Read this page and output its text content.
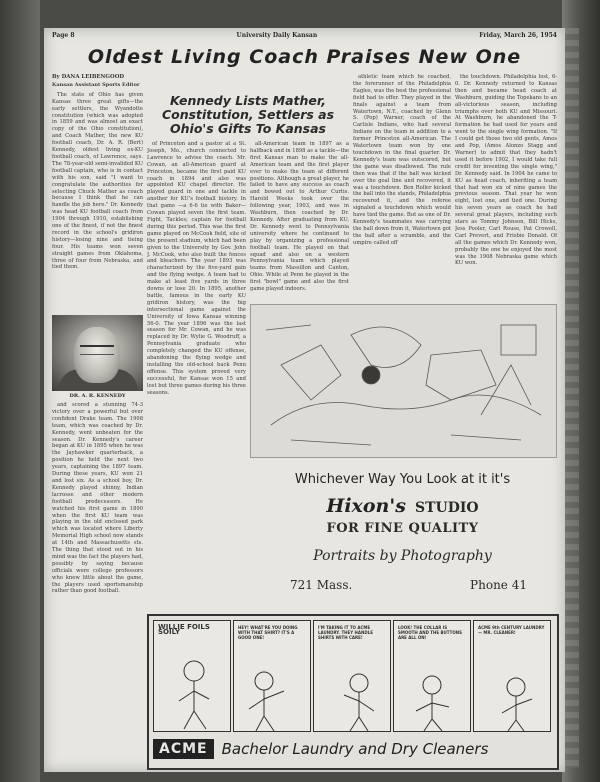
Page 8	University Daily Kansan	Friday, March 26, 1954
Oldest Living Coach Praises New One
By DANA LEIBENGOOD
Kansan Assistant Sports Editor

The state of Ohio has given Kansas three great gifts—the early settlers, the Wyandotte constitution (which was adopted in 1859 and was almost an exact copy of the Ohio constitution), and Coach Mather, the new KU football coach, Dr. A. R. (Bert) Kennedy, oldest living ex-KU football coach, of Lawrence, says. The 78-year-old semi-invalided KU football captain, who is in contact with his son, said "I want to congratulate the authorities for selecting Chuck Mather as coach because I think that he can handle the job here." Dr. Kennedy was head KU football coach from 1904 through 1910, establishing one of the finest, if not the finest record in the school's gridiron history—losing nine and tieing four. His teams won seven straight games from Oklahoma, three of four from Nebraska, and tied them.

DR. A. R. KENNEDY

and scored a stunning 74-3 victory over a powerful but over confident Drake team. The 1908 team, which was coached by Dr. Kennedy, went unbeaten for the season. Dr. Kennedy's career began at KU in 1895 when he was the Jayhawker quarterback, a position he held the next two years, captaining the 1897 team. During these years, KU won 21 and lost six. As a school boy, Dr. Kennedy played shinny, Indian lacrosse and other modern football predecessors. He watched his first game in 1890 when the first KU team was playing in the old enclosed park which was located where Liberty Memorial High school now stands at 14th and Massachusetts sts. The thing that stood out in his mind was the fact the players had, possibly by saying because officials were college professors who knew little about the game, the players used sportsmanship rather than good football.

Kennedy Lists Mather, Constitution, Settlers as Ohio's Gifts To Kansas

of Princeton and a pastor at a St. Joseph, Mo., church connected to Lawrence to advise the coach. Mr. Cowan, an all-American guard at Princeton, became the first paid KU coach in 1894 and also was appointed KU chapel director. He played guard in one and tackle in another for KU's football history. In that game —a 6-6 tie with Baker—Cowan played seven the first team. Fight, Tackles; captain for football during this period. This was the first game played on McCook field, site of the present stadium, which had been given to the University by Gov. John J. McCook, who also built the fences and bleachers. The year 1893 was characterized by the five-yard gain and the flying wedge. A team had to make at least five yards in three downs or lose 20. In 1895, another battle, famous in the early KU gridiron history, was the big intersectional game against the University of Iowa Kansas winning 56-0. The year 1896 was the last season for Mr. Cowan, and he was replaced by Dr. Wylie G. Woodruff, a Pennsylvania graduate who completely changed the KU offense, abandoning the flying wedge and installing the old-school back Penn offense. This system proved very successful, for Kansas won 15 and lost but three games during his three seasons.

all-American team in 1897 as a halfback and in 1898 as a tackle—the first Kansas man to make the all-American team and the first player ever to make the team at different positions. Although a great player, he failed to have any success as coach and bowed out to Arthur Curtis. Harold Weeks took over the following year, 1903, and was in Washburn, then coached by Dr. Kennedy. After graduating from KU, Dr. Kennedy went to Pennsylvania university where he continued to play by organizing a professional football team. He played on that squad and also on a western Pennsylvania team which played teams from Massillon and Canton, Ohio. While at Penn he played in the first "bowl" game and also the first game played indoors.

athletic team which he coached, the forerunner of the Philadelphia Eagles, was the best the professional field had to offer. They played in the finals against a team from Watertown, N.Y., coached by Glenn S. (Pop) Warner, coach of the Carlisle Indians, who had several Indians on the team in addition to a former Princeton all-American. The Watertown team won by one touchdown in the final quarter. Dr. Kennedy's team was outscored, but the game was disallowed. The rule then was that if the ball was kicked over the goal line and recovered, it was a touchdown. Ben Roller kicked the ball into the stands, Philadelphia recovered it, and the referee signaled a touchdown which would have tied the game. But as one of Dr. Kennedy's teammates was carrying the ball down from it, Watertown got the ball after a scramble, and the umpire called off

the touchdown. Philadelphia lost, 6-0. Dr. Kennedy returned to Kansas then and became head coach at Washburn, guiding the Topekans to an all-victorious season, including triumphs over both KU and Missouri. At Washburn, he abandoned the T-formation he had used for years and went to the single wing formation. "If I could get those two old gents, Amos and Pop, (Amos Alonzo Stagg and Warner) to admit that they hadn't used it before 1902, I would take full credit for inventing the single wing," Dr. Kennedy said. In 1904 he came to KU as head coach, inheriting a team that had won six of nine games the previous season. That year he won eight, lost one, and tied one. During his seven years as coach he had several great players, including such stars as Tommy Johnson, Bill Hicks, Jess Pooler, Carl Rouse, Pat Crowell, Carl Prevert, and Frisbie Donald. Of all the games which Dr. Kennedy won, probably the one he enjoyed the most was the 1908 Nebraska game which KU won.

Whichever Way You Look at it it's
Hixon's STUDIO
FOR FINE QUALITY
Portraits by Photography
721 Mass.	Phone 41
WILLIE FOILS SOILY
HEY! WHAT'RE YOU DOING WITH THAT SHIRT? IT'S A GOOD ONE!
I'M TAKING IT TO ACME LAUNDRY. THEY HANDLE SHIRTS WITH CARE!
LOOK! THE COLLAR IS SMOOTH AND THE BUTTONS ARE ALL ON!
ACME 9th CENTURY LAUNDRY — MR. CLEANER!
ACME Bachelor Laundry and Dry Cleaners
